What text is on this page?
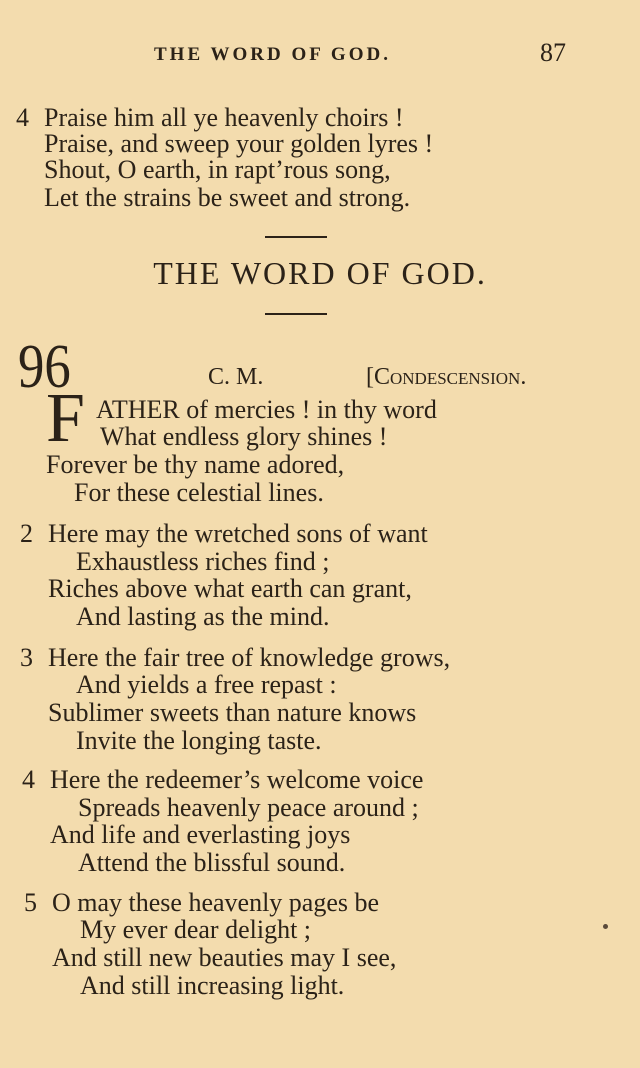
THE WORD OF GOD.	87
4 Praise him all ye heavenly choirs !
Praise, and sweep your golden lyres !
Shout, O earth, in rapt’rous song,
Let the strains be sweet and strong.
THE WORD OF GOD.
96	C. M.	[Condescension.
F ATHER of mercies ! in thy word
What endless glory shines !
Forever be thy name adored,
For these celestial lines.
2 Here may the wretched sons of want
Exhaustless riches find ;
Riches above what earth can grant,
And lasting as the mind.
3 Here the fair tree of knowledge grows,
And yields a free repast :
Sublimer sweets than nature knows
Invite the longing taste.
4 Here the redeemer’s welcome voice
Spreads heavenly peace around ;
And life and everlasting joys
Attend the blissful sound.
5 O may these heavenly pages be
My ever dear delight ;
And still new beauties may I see,
And still increasing light.
